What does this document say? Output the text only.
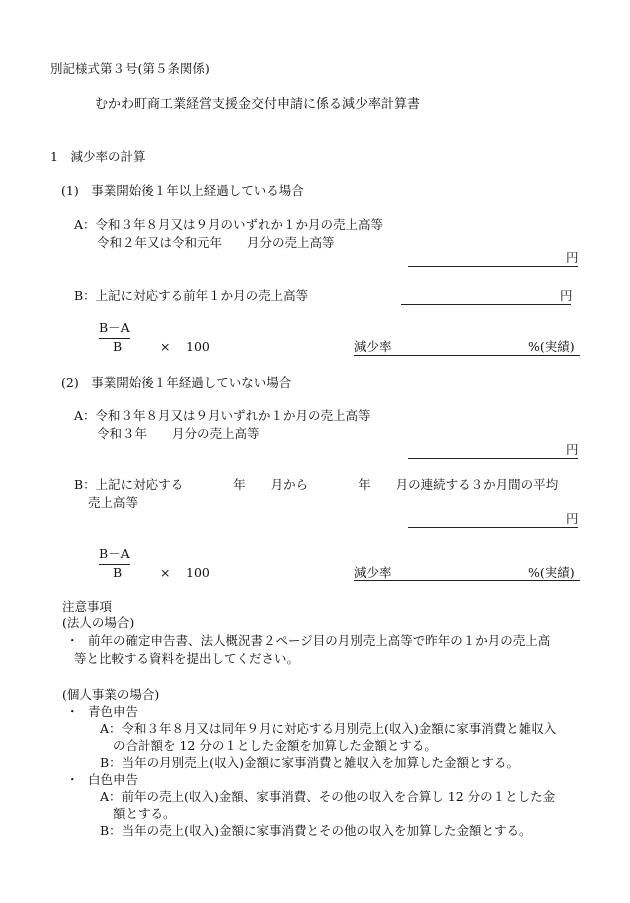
別記様式第３号(第５条関係)
むかわ町商工業経営支援金交付申請に係る減少率計算書
1　減少率の計算
(1)　事業開始後１年以上経過している場合
A：令和３年８月又は９月のいずれか１か月の売上高等
令和２年又は令和元年　　月分の売上高等
円
B：上記に対応する前年１か月の売上高等	円
B－A
B	× 100	減少率	%(実績)
(2)　事業開始後１年経過していない場合
A：令和３年８月又は９月いずれか１か月の売上高等
令和３年　　月分の売上高等
円
B：上記に対応する　　　　年　　月から　　　　年　　月の連続する３か月間の平均
売上高等
円
B－A
B	× 100	減少率	%(実績)
注意事項
(法人の場合)
・ 前年の確定申告書、法人概況書２ページ目の月別売上高等で昨年の１か月の売上高
等と比較する資料を提出してください。
(個人事業の場合)
・ 青色申告
A：令和３年８月又は同年９月に対応する月別売上(収入)金額に家事消費と雑収入
の合計額を 12 分の１とした金額を加算した金額とする。
B：当年の月別売上(収入)金額に家事消費と雑収入を加算した金額とする。
・ 白色申告
A：前年の売上(収入)金額、家事消費、その他の収入を合算し 12 分の１とした金
額とする。
B：当年の売上(収入)金額に家事消費とその他の収入を加算した金額とする。
